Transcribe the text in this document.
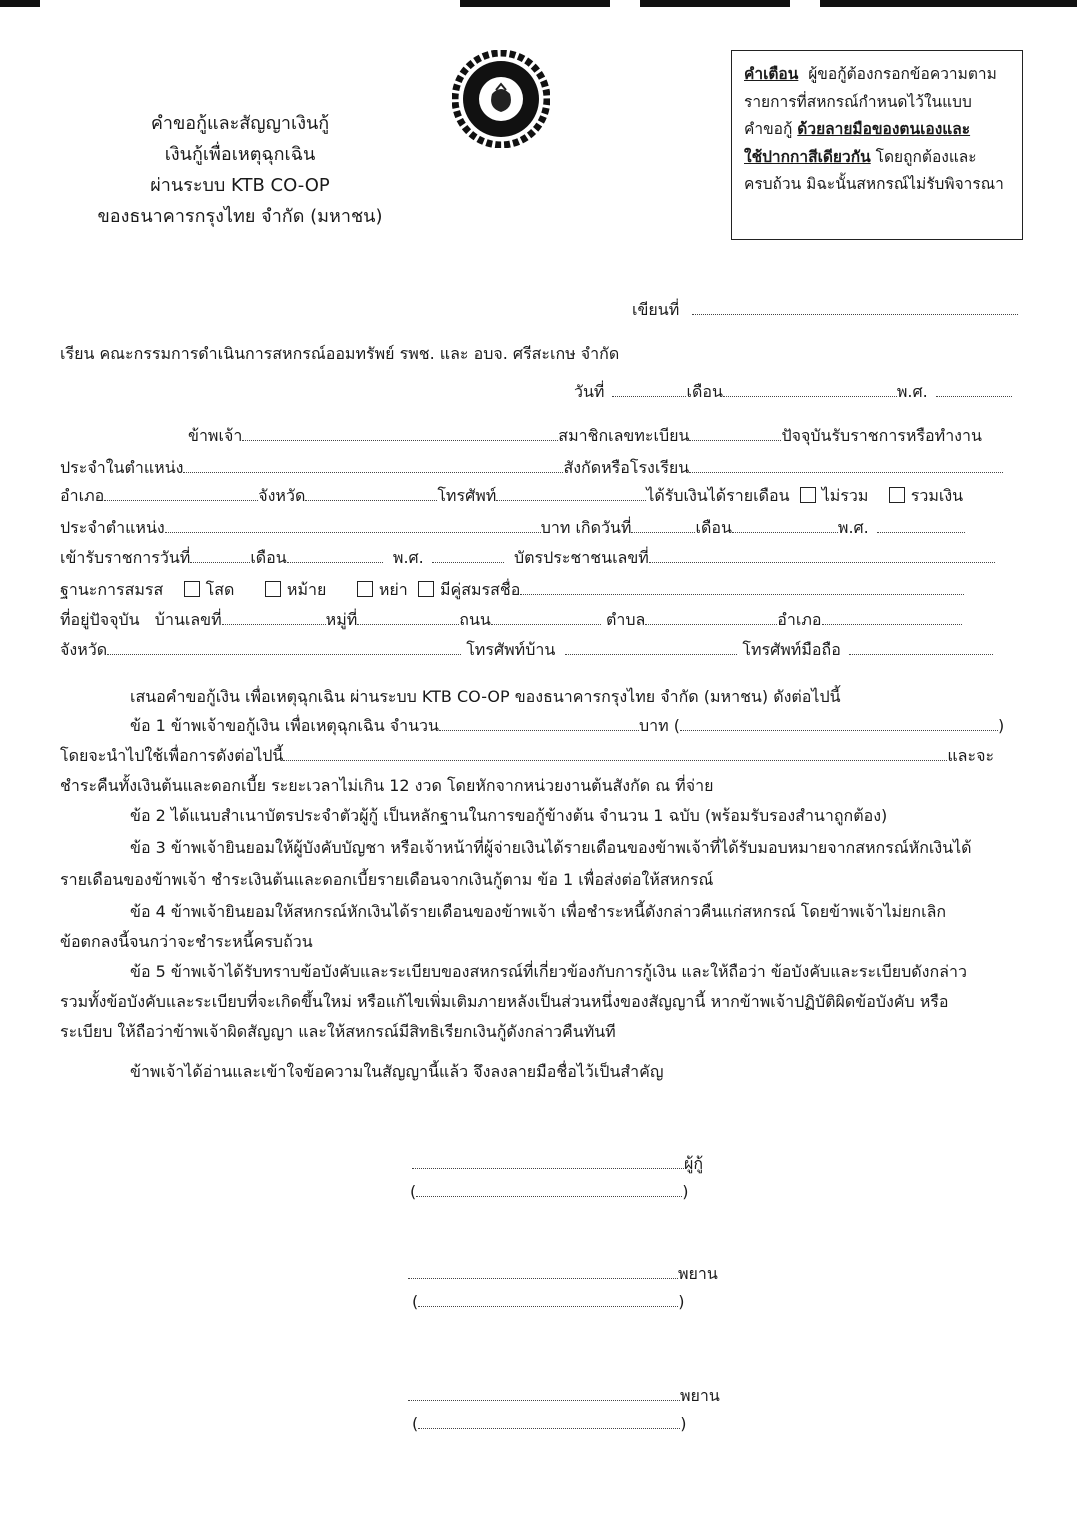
คำขอกู้และสัญญาเงินกู้
เงินกู้เพื่อเหตุฉุกเฉิน
ผ่านระบบ KTB CO-OP
ของธนาคารกรุงไทย จำกัด (มหาชน)
คำเตือน ผู้ขอกู้ต้องกรอกข้อความตาม
รายการที่สหกรณ์กำหนดไว้ในแบบ
คำขอกู้ ด้วยลายมือของตนเองและ
ใช้ปากกาสีเดียวกัน โดยถูกต้องและ
ครบถ้วน มิฉะนั้นสหกรณ์ไม่รับพิจารณา
เขียนที่
เรียน คณะกรรมการดำเนินการสหกรณ์ออมทรัพย์ รพช. และ อบจ. ศรีสะเกษ จำกัด
วันที่	เดือน	พ.ศ.
ข้าพเจ้า	สมาชิกเลขทะเบียน	ปัจจุบันรับราชการหรือทำงาน
ประจำในตำแหน่ง	สังกัดหรือโรงเรียน
อำเภอ	จังหวัด	โทรศัพท์	ได้รับเงินได้รายเดือน ไม่รวม	รวมเงิน
ประจำตำแหน่ง	บาท เกิดวันที่	เดือน	พ.ศ.
เข้ารับราชการวันที่	เดือน	พ.ศ.	บัตรประชาชนเลขที่
ฐานะการสมรส	โสด	หม้าย	หย่า มีคู่สมรสชื่อ
ที่อยู่ปัจจุบัน บ้านเลขที่	หมู่ที่	ถนน	ตำบล	อำเภอ
จังหวัด	โทรศัพท์บ้าน	โทรศัพท์มือถือ
เสนอคำขอกู้เงิน เพื่อเหตุฉุกเฉิน ผ่านระบบ KTB CO-OP ของธนาคารกรุงไทย จำกัด (มหาชน) ดังต่อไปนี้
ข้อ 1 ข้าพเจ้าขอกู้เงิน เพื่อเหตุฉุกเฉิน จำนวน	บาท (	)
โดยจะนำไปใช้เพื่อการดังต่อไปนี้	และจะ
ชำระคืนทั้งเงินต้นและดอกเบี้ย ระยะเวลาไม่เกิน 12 งวด โดยหักจากหน่วยงานต้นสังกัด ณ ที่จ่าย
ข้อ 2 ได้แนบสำเนาบัตรประจำตัวผู้กู้ เป็นหลักฐานในการขอกู้ข้างต้น จำนวน 1 ฉบับ (พร้อมรับรองสำนาถูกต้อง)
ข้อ 3 ข้าพเจ้ายินยอมให้ผู้บังคับบัญชา หรือเจ้าหน้าที่ผู้จ่ายเงินได้รายเดือนของข้าพเจ้าที่ได้รับมอบหมายจากสหกรณ์หักเงินได้
รายเดือนของข้าพเจ้า ชำระเงินต้นและดอกเบี้ยรายเดือนจากเงินกู้ตาม ข้อ 1 เพื่อส่งต่อให้สหกรณ์
ข้อ 4 ข้าพเจ้ายินยอมให้สหกรณ์หักเงินได้รายเดือนของข้าพเจ้า เพื่อชำระหนี้ดังกล่าวคืนแก่สหกรณ์ โดยข้าพเจ้าไม่ยกเลิก
ข้อตกลงนี้จนกว่าจะชำระหนี้ครบถ้วน
ข้อ 5 ข้าพเจ้าได้รับทราบข้อบังคับและระเบียบของสหกรณ์ที่เกี่ยวข้องกับการกู้เงิน และให้ถือว่า ข้อบังคับและระเบียบดังกล่าว
รวมทั้งข้อบังคับและระเบียบที่จะเกิดขึ้นใหม่ หรือแก้ไขเพิ่มเติมภายหลังเป็นส่วนหนึ่งของสัญญานี้ หากข้าพเจ้าปฏิบัติผิดข้อบังคับ หรือ
ระเบียบ ให้ถือว่าข้าพเจ้าผิดสัญญา และให้สหกรณ์มีสิทธิเรียกเงินกู้ดังกล่าวคืนทันที
ข้าพเจ้าได้อ่านและเข้าใจข้อความในสัญญานี้แล้ว จึงลงลายมือชื่อไว้เป็นสำคัญ
ผู้กู้
(	)
พยาน
(	)
พยาน
(	)
